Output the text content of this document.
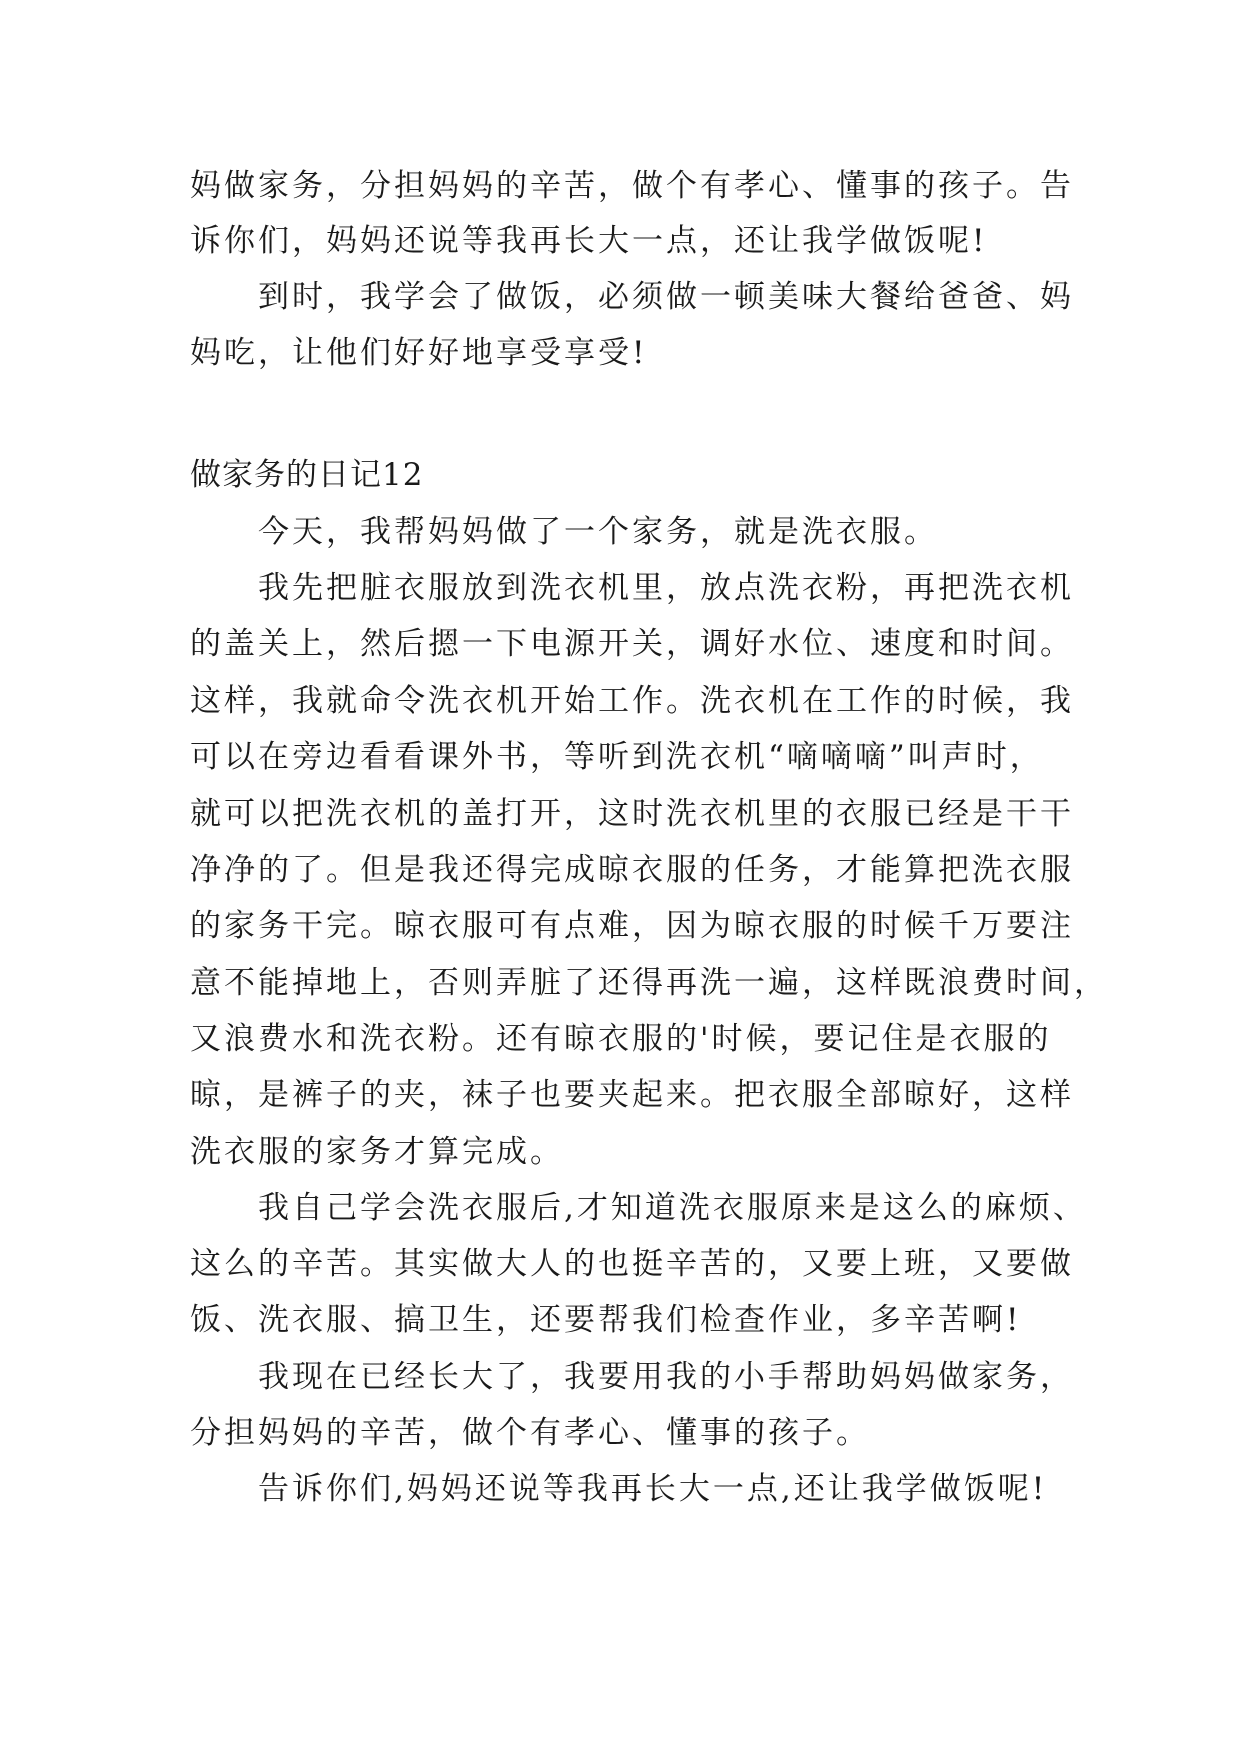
妈做家务，分担妈妈的辛苦，做个有孝心、懂事的孩子。告
诉你们，妈妈还说等我再长大一点，还让我学做饭呢!
到时，我学会了做饭，必须做一顿美味大餐给爸爸、妈
妈吃，让他们好好地享受享受!
做家务的日记12
今天，我帮妈妈做了一个家务，就是洗衣服。
我先把脏衣服放到洗衣机里，放点洗衣粉，再把洗衣机
的盖关上，然后摁一下电源开关，调好水位、速度和时间。
这样，我就命令洗衣机开始工作。洗衣机在工作的时候，我
可以在旁边看看课外书，等听到洗衣机“嘀嘀嘀”叫声时，
就可以把洗衣机的盖打开，这时洗衣机里的衣服已经是干干
净净的了。但是我还得完成晾衣服的任务，才能算把洗衣服
的家务干完。晾衣服可有点难，因为晾衣服的时候千万要注
意不能掉地上，否则弄脏了还得再洗一遍，这样既浪费时间，
又浪费水和洗衣粉。还有晾衣服的'时候，要记住是衣服的
晾，是裤子的夹，袜子也要夹起来。把衣服全部晾好，这样
洗衣服的家务才算完成。
我自己学会洗衣服后,才知道洗衣服原来是这么的麻烦、
这么的辛苦。其实做大人的也挺辛苦的，又要上班，又要做
饭、洗衣服、搞卫生，还要帮我们检查作业，多辛苦啊!
我现在已经长大了，我要用我的小手帮助妈妈做家务，
分担妈妈的辛苦，做个有孝心、懂事的孩子。
告诉你们,妈妈还说等我再长大一点,还让我学做饭呢!
